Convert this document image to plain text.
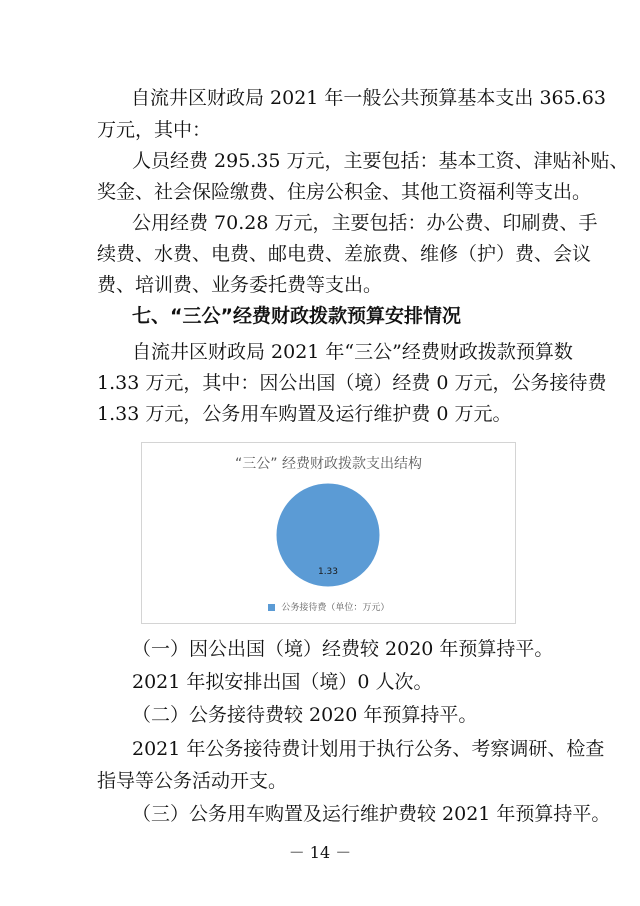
自流井区财政局 2021 年一般公共预算基本支出 365.63
万元，其中：
人员经费 295.35 万元，主要包括：基本工资、津贴补贴、
奖金、社会保险缴费、住房公积金、其他工资福利等支出。
公用经费 70.28 万元，主要包括：办公费、印刷费、手
续费、水费、电费、邮电费、差旅费、维修（护）费、会议
费、培训费、业务委托费等支出。
七、“三公”经费财政拨款预算安排情况
自流井区财政局 2021 年“三公”经费财政拨款预算数
1.33 万元，其中：因公出国（境）经费 0 万元，公务接待费
1.33 万元，公务用车购置及运行维护费 0 万元。
“三公” 经费财政拨款支出结构
1.33
公务接待费（单位：万元）
（一）因公出国（境）经费较 2020 年预算持平。
2021 年拟安排出国（境）0 人次。
（二）公务接待费较 2020 年预算持平。
2021 年公务接待费计划用于执行公务、考察调研、检查
指导等公务活动开支。
（三）公务用车购置及运行维护费较 2021 年预算持平。
－ 14 －
